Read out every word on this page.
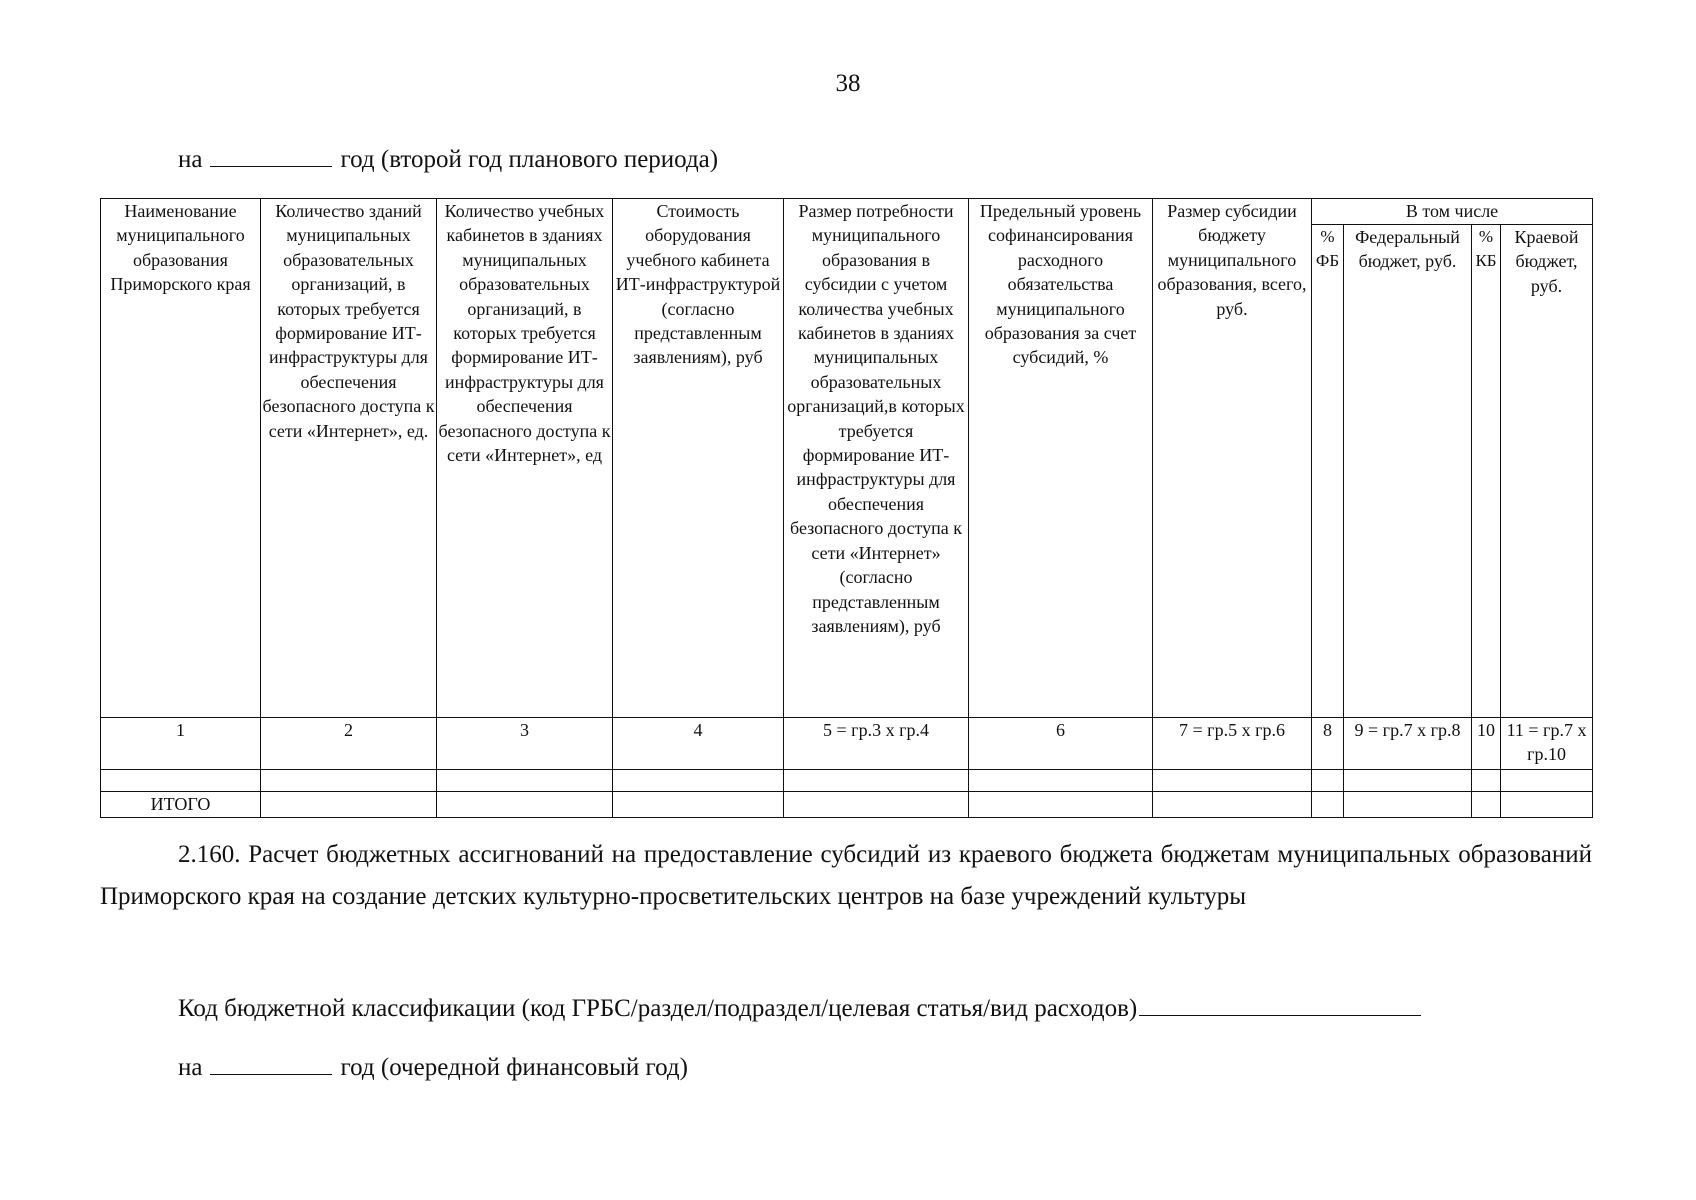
38
на	год (второй год планового периода)
Наименование муниципального образования Приморского края	Количество зданий муниципальных образовательных организаций, в которых требуется формирование ИТ-инфраструктуры для обеспечения безопасного доступа к сети «Интернет», ед.	Количество учебных кабинетов в зданиях муниципальных образовательных организаций, в которых требуется формирование ИТ-инфраструктуры для обеспечения безопасного доступа к сети «Интернет», ед	Стоимость оборудования учебного кабинета ИТ-инфраструктурой (согласно представленным заявлениям), руб	Размер потребности муниципального образования в субсидии с учетом количества учебных кабинетов в зданиях муниципальных образовательных организаций,в которых требуется формирование ИТ-инфраструктуры для обеспечения безопасного доступа к сети «Интернет» (согласно представленным заявлениям), руб	Предельный уровень софинансирования расходного обязательства муниципального образования за счет субсидий, %	Размер субсидии бюджету муниципального образования, всего, руб.	В том числе			

							% ФБ	Федеральный бюджет, руб.	% КБ	Краевой бюджет, руб.

1	2	3	4	5 = гр.3 х гр.4	6	7 = гр.5 х гр.6	8	9 = гр.7 х гр.8	10	11 = гр.7 х гр.10

ИТОГО										
2.160. Расчет бюджетных ассигнований на предоставление субсидий из краевого бюджета бюджетам муниципальных образований Приморского края на создание детских культурно-просветительских центров на базе учреждений культуры
Код бюджетной классификации (код ГРБС/раздел/подраздел/целевая статья/вид расходов)
на	год (очередной финансовый год)
